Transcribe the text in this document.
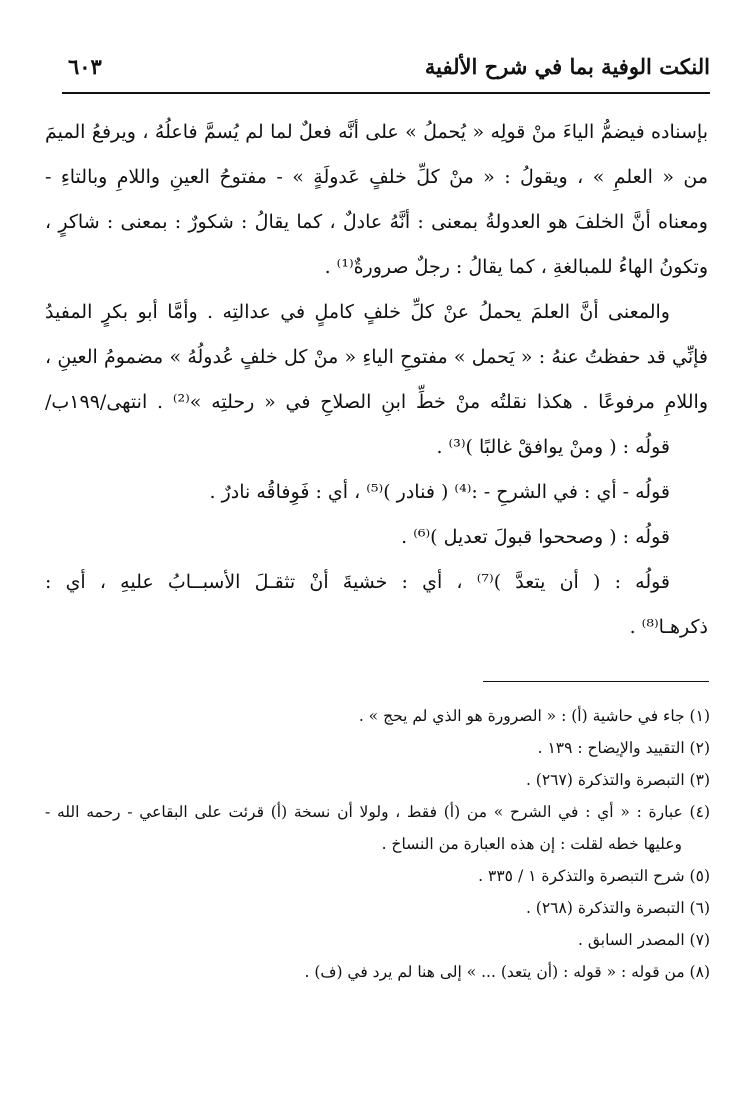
النكت الوفية بما في شرح الألفية
٦٠٣
بإسناده فيضمُّ الياءَ منْ قولِه « يُحملُ » على أنَّه فعلٌ لما لم يُسمَّ فاعلُهُ ، ويرفعُ الميمَ
من « العلمِ » ، ويقولُ : « منْ كلِّ خلفٍ عَدولَةٍ » - مفتوحُ العينِ واللامِ وبالتاءِ -
ومعناه أنَّ الخلفَ هو العدولةُ بمعنى : أنَّهُ عادلٌ ، كما يقالُ : شكورٌ : بمعنى : شاكرٍ ،
وتكونُ الهاءُ للمبالغةِ ، كما يقالُ : رجلٌ صرورةٌ⁽¹⁾ .
والمعنى أنَّ العلمَ يحملُ عنْ كلِّ خلفٍ كاملٍ في عدالتِه . وأمَّا أبو بكرٍ المفيدُ
فإنِّي قد حفظتُ عنهُ : « يَحمل » مفتوحِ الياءِ « منْ كل خلفٍ عُدولُهُ » مضمومُ العينِ ،
واللامِ مرفوعًا . هكذا نقلتُه منْ خطِّ ابنِ الصلاحِ في « رحلتِه »⁽²⁾ . انتهى/١٩٩ب/
قولُه : ( ومنْ يوافقْ غالبًا )⁽³⁾ .
قولُه - أي : في الشرحِ - :⁽⁴⁾ ( فنادر )⁽⁵⁾ ، أي : فَوِفاقُه نادرٌ .
قولُه : ( وصححوا قبولَ تعديل )⁽⁶⁾ .
قولُه : ( أن يتعدَّ )⁽⁷⁾ ، أي : خشيةَ أنْ تثقـلَ الأسبــابُ عليهِ ، أي :
ذكرهـا⁽⁸⁾ .
(١) جاء في حاشية (أ) : « الصرورة هو الذي لم يحج » .
(٢) التقييد والإيضاح : ١٣٩ .
(٣) التبصرة والتذكرة (٢٦٧) .
(٤) عبارة : « أي : في الشرح » من (أ) فقط ، ولولا أن نسخة (أ) قرئت على البقاعي - رحمه الله -
وعليها خطه لقلت : إن هذه العبارة من النساخ .
(٥) شرح التبصرة والتذكرة ١ / ٣٣٥ .
(٦) التبصرة والتذكرة (٢٦٨) .
(٧) المصدر السابق .
(٨) من قوله : « قوله : (أن يتعد) ... » إلى هنا لم يرد في (ف) .
